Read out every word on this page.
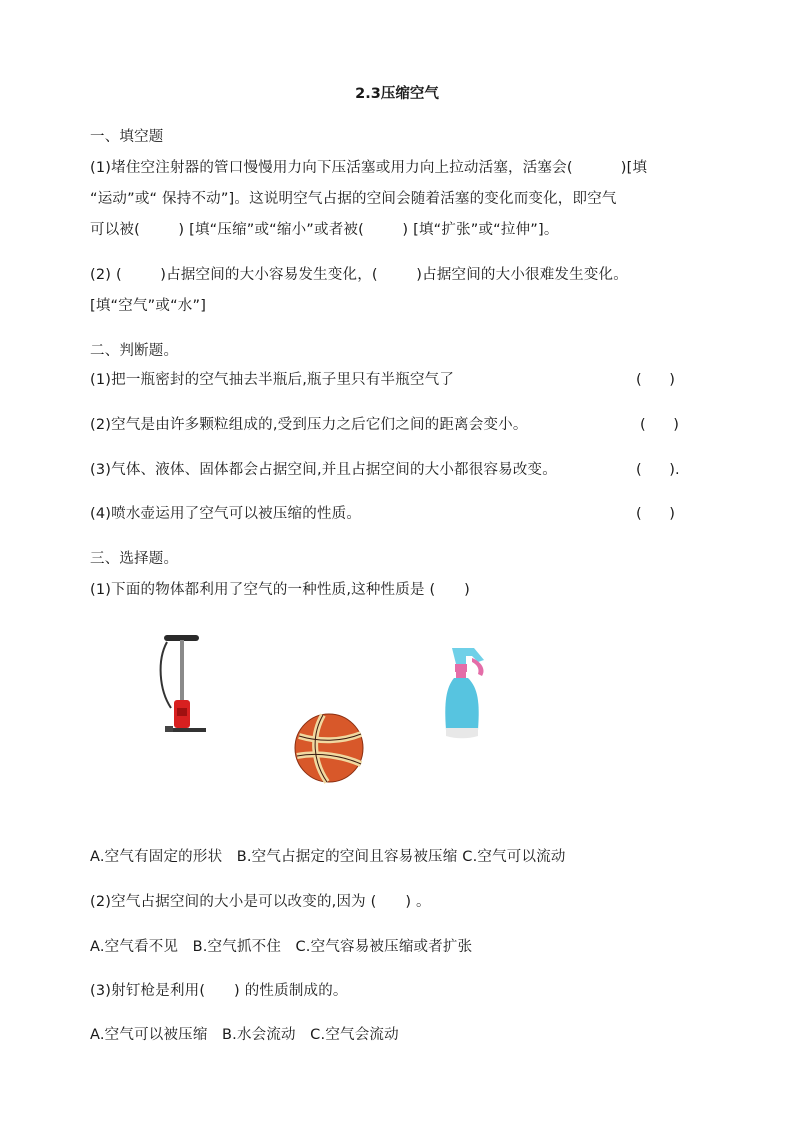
2.3压缩空气
一、填空题
(1)堵住空注射器的管口慢慢用力向下压活塞或用力向上拉动活塞，活塞会(          )[填
“运动”或“ 保持不动”]。这说明空气占据的空间会随着活塞的变化而变化，即空气
可以被(        ) [填“压缩”或“缩小”或者被(        ) [填“扩张”或“拉伸”]。
(2) (        )占据空间的大小容易发生变化，(        )占据空间的大小很难发生变化。
[填“空气”或“水”]
二、判断题。
(1)把一瓶密封的空气抽去半瓶后,瓶子里只有半瓶空气了	(      )
(2)空气是由许多颗粒组成的,受到压力之后它们之间的距离会变小。	(      )
(3)气体、液体、固体都会占据空间,并且占据空间的大小都很容易改变。	(      ).
(4)喷水壶运用了空气可以被压缩的性质。	(      )
三、选择题。
(1)下面的物体都利用了空气的一种性质,这种性质是 (      )
A.空气有固定的形状   B.空气占据定的空间且容易被压缩 C.空气可以流动
(2)空气占据空间的大小是可以改变的,因为 (      ) 。
A.空气看不见   B.空气抓不住   C.空气容易被压缩或者扩张
(3)射钉枪是利用(      ) 的性质制成的。
A.空气可以被压缩   B.水会流动   C.空气会流动
